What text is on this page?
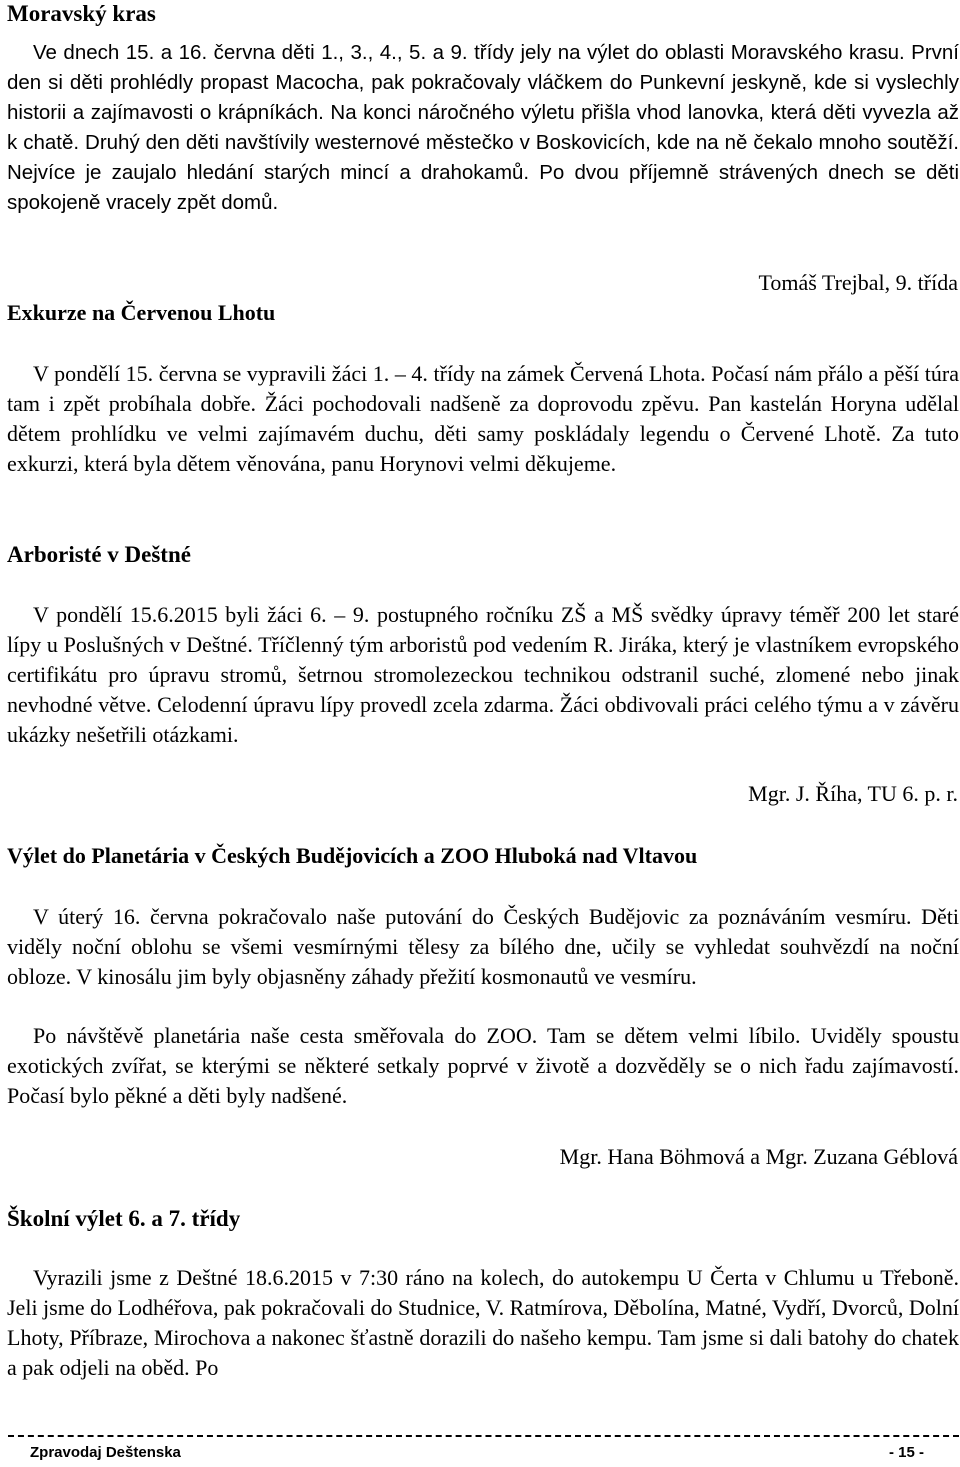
Moravský kras

Ve dnech 15. a 16. června děti 1., 3., 4., 5. a 9. třídy jely na výlet do oblasti Moravského krasu. První den si děti prohlédly propast Macocha, pak pokračovaly vláčkem do Punkevní jeskyně, kde si vyslechly historii a zajímavosti o krápníkách. Na konci náročného výletu přišla vhod lanovka, která děti vyvezla až k chatě. Druhý den děti navštívily westernové městečko v Boskovicích, kde na ně čekalo mnoho soutěží. Nejvíce je zaujalo hledání starých mincí a drahokamů. Po dvou příjemně strávených dnech se děti spokojeně vracely zpět domů.

Tomáš Trejbal, 9. třída
Exkurze na Červenou Lhotu

V pondělí 15. června se vypravili žáci 1. – 4. třídy na zámek Červená Lhota. Počasí nám přálo a pěší túra tam i zpět probíhala dobře. Žáci pochodovali nadšeně za doprovodu zpěvu. Pan kastelán Horyna udělal dětem prohlídku ve velmi zajímavém duchu, děti samy poskládaly legendu o Červené Lhotě. Za tuto exkurzi, která byla dětem věnována, panu Horynovi velmi děkujeme.

Arboristé v Deštné

V pondělí 15.6.2015 byli žáci 6. – 9. postupného ročníku ZŠ a MŠ svědky úpravy téměř 200 let staré lípy u Poslušných v Deštné. Tříčlenný tým arboristů pod vedením R. Jiráka, který je vlastníkem evropského certifikátu pro úpravu stromů, šetrnou stromolezeckou technikou odstranil suché, zlomené nebo jinak nevhodné větve. Celodenní úpravu lípy provedl zcela zdarma. Žáci obdivovali práci celého týmu a v závěru ukázky nešetřili otázkami.

Mgr. J. Říha, TU 6. p. r.
Výlet do Planetária v Českých Budějovicích a ZOO Hluboká nad Vltavou

V úterý 16. června pokračovalo naše putování do Českých Budějovic za poznáváním vesmíru. Děti viděly noční oblohu se všemi vesmírnými tělesy za bílého dne, učily se vyhledat souhvězdí na noční obloze. V kinosálu jim byly objasněny záhady přežití kosmonautů ve vesmíru.

Po návštěvě planetária naše cesta směřovala do ZOO. Tam se dětem velmi líbilo. Uviděly spoustu exotických zvířat, se kterými se některé setkaly poprvé v životě a dozvěděly se o nich řadu zajímavostí. Počasí bylo pěkné a děti byly nadšené.

Mgr. Hana Böhmová a Mgr. Zuzana Géblová
Školní výlet 6. a 7. třídy

Vyrazili jsme z Deštné 18.6.2015 v 7:30 ráno na kolech, do autokempu U Čerta v Chlumu u Třeboně. Jeli jsme do Lodhéřova, pak pokračovali do Studnice, V. Ratmírova, Děbolína, Matné, Vydří, Dvorců, Dolní Lhoty, Příbraze, Mirochova a nakonec šťastně dorazili do našeho kempu. Tam jsme si dali batohy do chatek a pak odjeli na oběd. Po

Zpravodaj Deštenska	- 15 -
